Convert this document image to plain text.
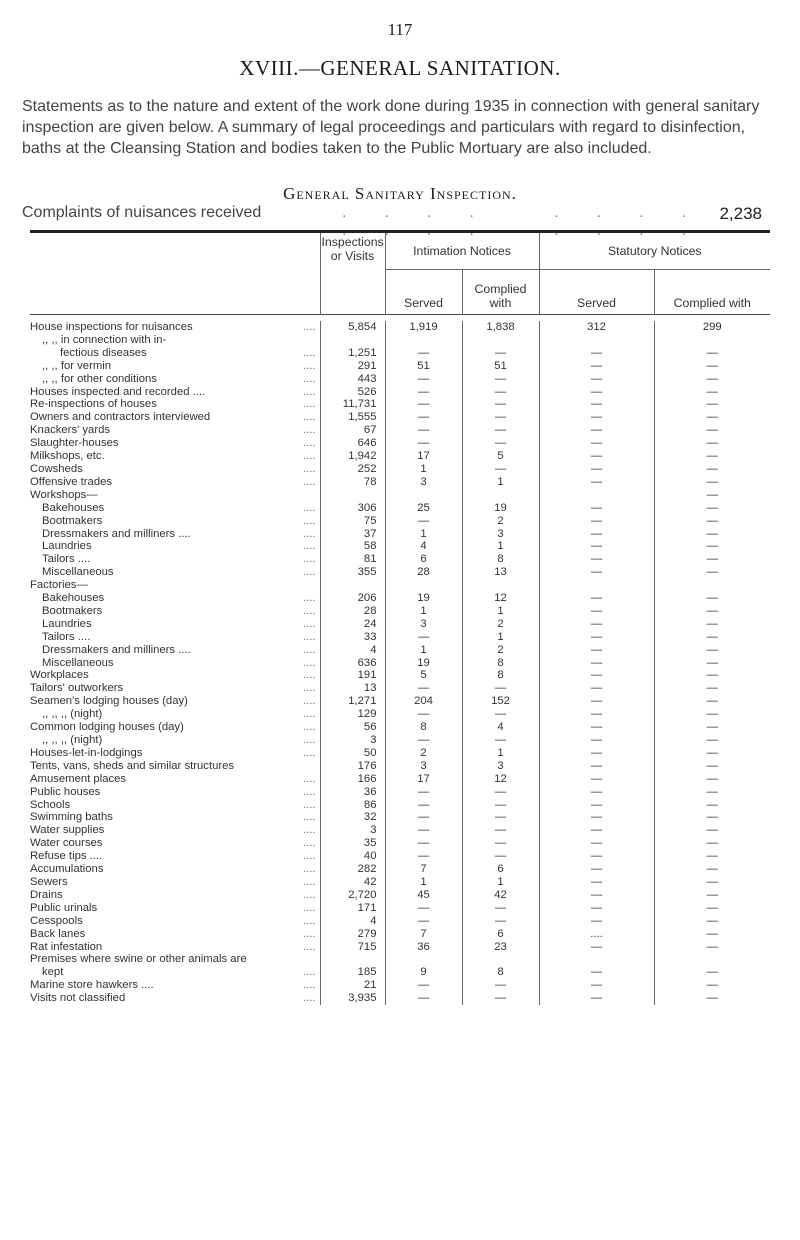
117
XVIII.—GENERAL SANITATION.
Statements as to the nature and extent of the work done during 1935 in connection with general sanitary inspection are given below. A summary of legal proceedings and particulars with regard to disinfection, baths at the Cleansing Station and bodies taken to the Public Mortuary are also included.
General Sanitary Inspection.
Complaints of nuisances received	.... .... .... ....
2,238
	Inspections or Visits	Intimation Notices		Statutory Notices	
		Served	Complied with	Served	Complied with

House inspections for nuisances ....	5,854	1,919	1,838	312	299
,, ,, in connection with in-					
fectious diseases ....	1,251	—	—	—	—
,, ,, for vermin ....	291	51	51	—	—
,, ,, for other conditions ....	443	—	—	—	—
Houses inspected and recorded .... ....	526	—	—	—	—
Re-inspections of houses ....	11,731	—	—	—	—
Owners and contractors interviewed ....	1,555	—	—	—	—
Knackers' yards ....	67	—	—	—	—
Slaughter-houses ....	646	—	—	—	—
Milkshops, etc. ....	1,942	17	5	—	—
Cowsheds ....	252	1	—	—	—
Offensive trades ....	78	3	1	—	—
Workshops—					—
Bakehouses ....	306	25	19	—	—
Bootmakers ....	75	—	2	—	—
Dressmakers and milliners .... ....	37	1	3	—	—
Laundries ....	58	4	1	—	—
Tailors .... ....	81	6	8	—	—
Miscellaneous ....	355	28	13	—	—
Factories—					
Bakehouses ....	206	19	12	—	—
Bootmakers ....	28	1	1	—	—
Laundries ....	24	3	2	—	—
Tailors .... ....	33	—	1	—	—
Dressmakers and milliners .... ....	4	1	2	—	—
Miscellaneous ....	636	19	8	—	—
Workplaces ....	191	5	8	—	—
Tailors' outworkers ....	13	—	—	—	—
Seamen's lodging houses (day) ....	1,271	204	152	—	—
,, ,, ,, (night) ....	129	—	—	—	—
Common lodging houses (day) ....	56	8	4	—	—
,, ,, ,, (night) ....	3	—	—	—	—
Houses-let-in-lodgings ....	50	2	1	—	—
Tents, vans, sheds and similar structures	176	3	3	—	—
Amusement places ....	166	17	12	—	—
Public houses ....	36	—	—	—	—
Schools ....	86	—	—	—	—
Swimming baths ....	32	—	—	—	—
Water supplies ....	3	—	—	—	—
Water courses ....	35	—	—	—	—
Refuse tips .... ....	40	—	—	—	—
Accumulations ....	282	7	6	—	—
Sewers ....	42	1	1	—	—
Drains ....	2,720	45	42	—	—
Public urinals ....	171	—	—	—	—
Cesspools ....	4	—	—	—	—
Back lanes ....	279	7	6	....	—
Rat infestation ....	715	36	23	—	—
Premises where swine or other animals are					
kept ....	185	9	8	—	—
Marine store hawkers .... ....	21	—	—	—	—
Visits not classified ....	3,935	—	—	—	—
